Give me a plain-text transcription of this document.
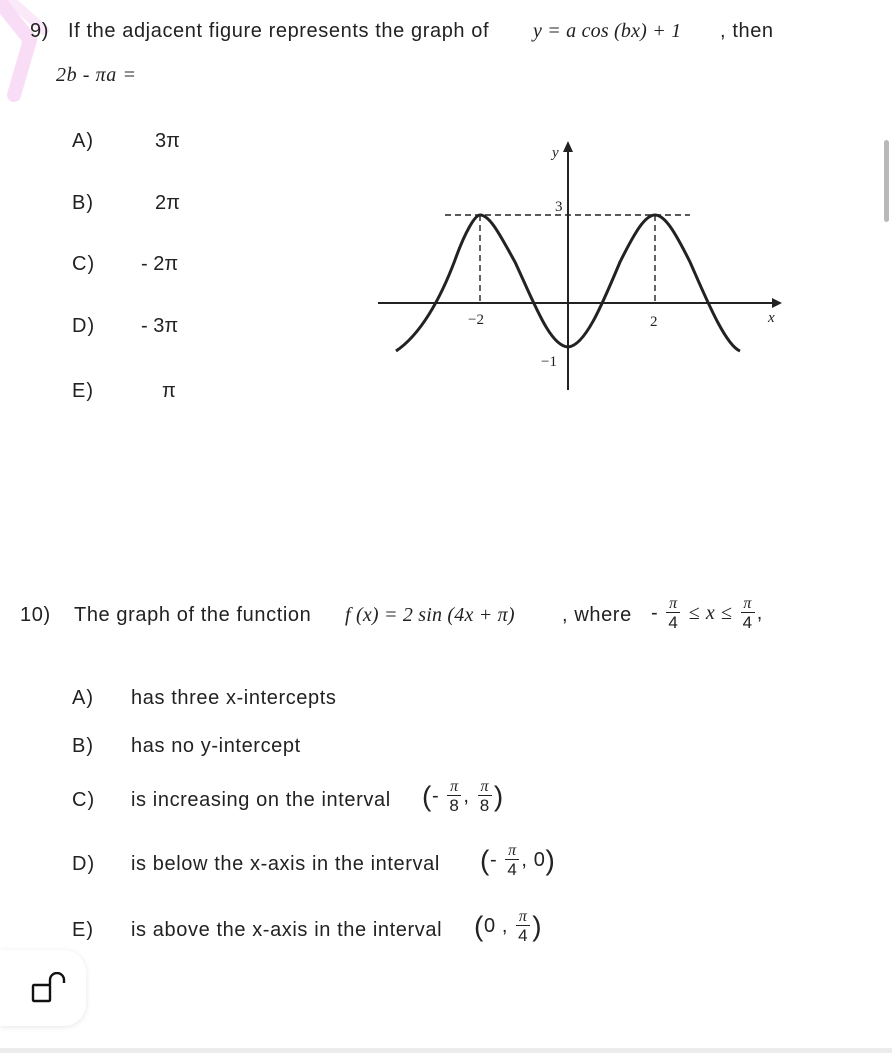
9) If the adjacent figure represents the graph of y = a cos (bx) + 1 , then
2b - πa =
A)	3π
B)	2π
C) - 2π
D) - 3π
E)	π
y
x
3
−1
−2	2
10) The graph of the function f (x) = 2 sin (4x + π) , where - $\frac{\pi}{4} \le x \le \frac{\pi}{4}$ ,
A) has three x-intercepts
B) has no y-intercept
C) is increasing on the interval (- $\frac{\pi}{8}$ , $\frac{\pi}{8}$ )
D) is below the x-axis in the interval (- $\frac{\pi}{4}$ , 0)
E) is above the x-axis in the interval (0 , $\frac{\pi}{4}$ )
